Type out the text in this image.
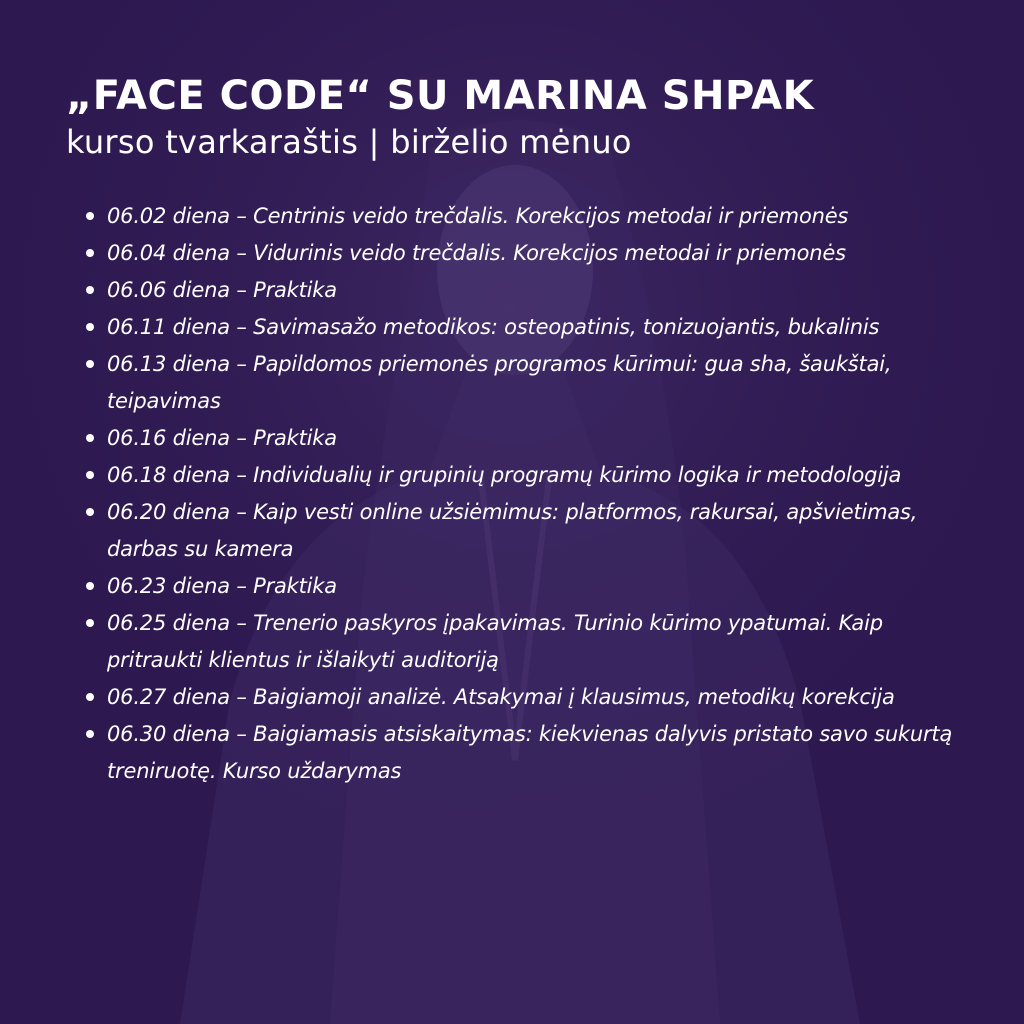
„FACE CODE“ SU MARINA SHPAK

kurso tvarkaraštis | birželio mėnuo

06.02 diena – Centrinis veido trečdalis. Korekcijos metodai ir priemonės
06.04 diena – Vidurinis veido trečdalis. Korekcijos metodai ir priemonės
06.06 diena – Praktika
06.11 diena – Savimasažo metodikos: osteopatinis, tonizuojantis, bukalinis
06.13 diena – Papildomos priemonės programos kūrimui: gua sha, šaukštai, teipavimas
06.16 diena – Praktika
06.18 diena – Individualių ir grupinių programų kūrimo logika ir metodologija
06.20 diena – Kaip vesti online užsiėmimus: platformos, rakursai, apšvietimas, darbas su kamera
06.23 diena – Praktika
06.25 diena – Trenerio paskyros įpakavimas. Turinio kūrimo ypatumai. Kaip pritraukti klientus ir išlaikyti auditoriją
06.27 diena – Baigiamoji analizė. Atsakymai į klausimus, metodikų korekcija
06.30 diena – Baigiamasis atsiskaitymas: kiekvienas dalyvis pristato savo sukurtą treniruotę. Kurso uždarymas
